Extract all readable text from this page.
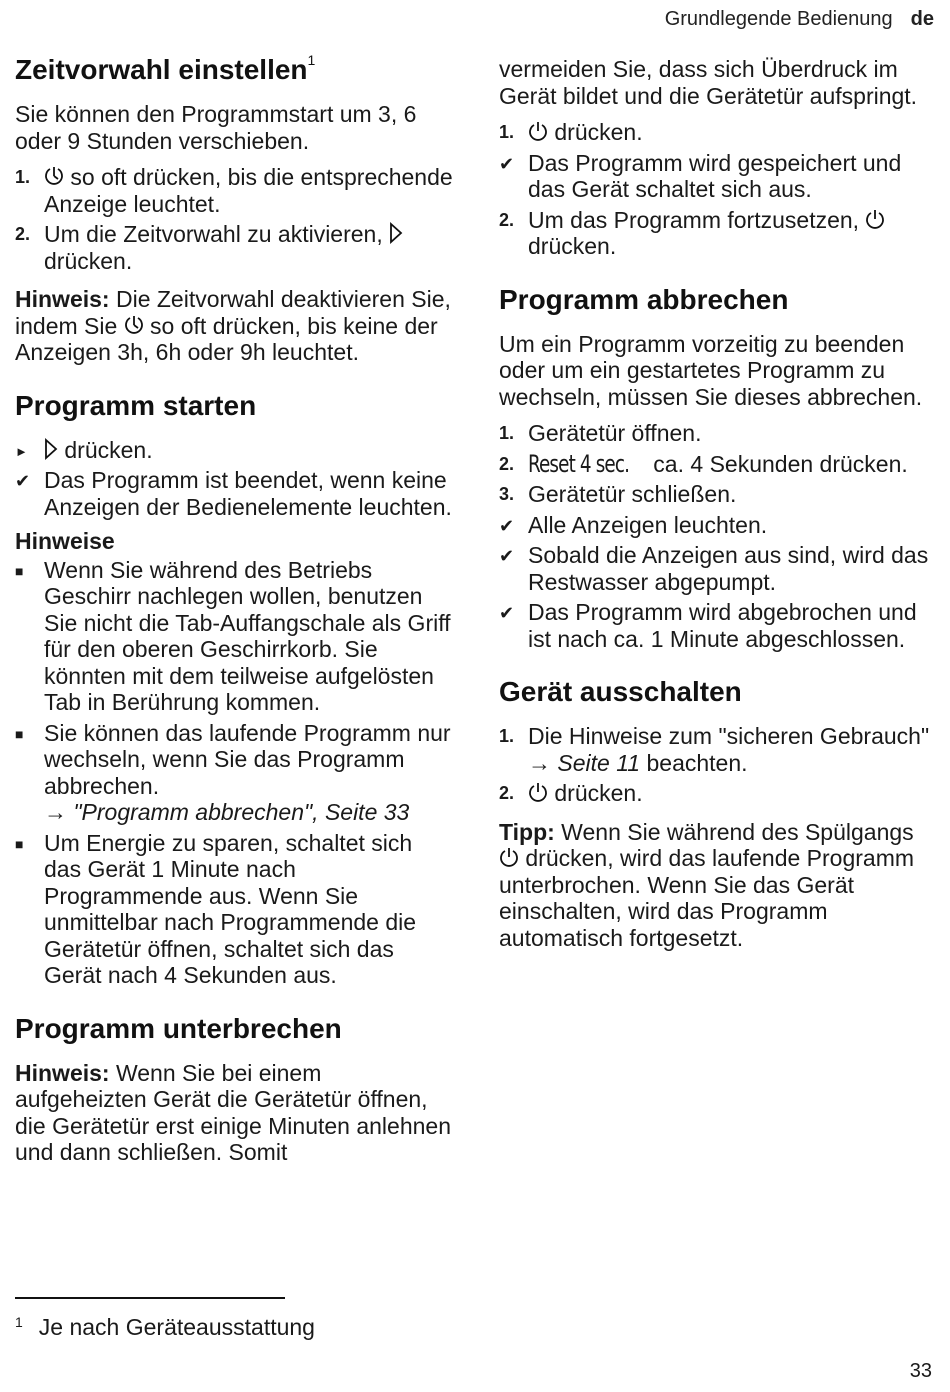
Grundlegende Bedienung de
Zeitvorwahl einstellen$^1$

Sie können den Programmstart um 3, 6 oder 9 Stunden verschieben.

1.	so oft drücken, bis die entsprechende Anzeige leuchtet.
2. Um die Zeitvorwahl zu aktivieren,  drücken.

Hinweis: Die Zeitvorwahl deaktivieren Sie, indem Sie  so oft drücken, bis keine der Anzeigen 3h, 6h oder 9h leuchtet.

Programm starten
►	drücken.
✔ Das Programm ist beendet, wenn keine Anzeigen der Bedienelemente leuchten.
Hinweise
■ Wenn Sie während des Betriebs Geschirr nachlegen wollen, benutzen Sie nicht die Tab-Auffangschale als Griff für den oberen Geschirrkorb. Sie könnten mit dem teilweise aufgelösten Tab in Berührung kommen.
■ Sie können das laufende Programm nur wechseln, wenn Sie das Programm abbrechen.
→ "Programm abbrechen", Seite 33
■ Um Energie zu sparen, schaltet sich das Gerät 1 Minute nach Programmende aus. Wenn Sie unmittelbar nach Programmende die Gerätetür öffnen, schaltet sich das Gerät nach 4 Sekunden aus.
Programm unterbrechen

Hinweis: Wenn Sie bei einem aufgeheizten Gerät die Gerätetür öffnen, die Gerätetür erst einige Minuten anlehnen und dann schließen. Somit

vermeiden Sie, dass sich Überdruck im Gerät bildet und die Gerätetür aufspringt.

1.	drücken.
✔ Das Programm wird gespeichert und das Gerät schaltet sich aus.
2. Um das Programm fortzusetzen,
drücken.
Programm abbrechen

Um ein Programm vorzeitig zu beenden oder um ein gestartetes Programm zu wechseln, müssen Sie dieses abbrechen.

1. Gerätetür öffnen.
2. Reset 4 sec. ca. 4 Sekunden drücken.
3. Gerätetür schließen.
✔ Alle Anzeigen leuchten.
✔ Sobald die Anzeigen aus sind, wird das Restwasser abgepumpt.
✔ Das Programm wird abgebrochen und ist nach ca. 1 Minute abgeschlossen.
Gerät ausschalten
1. Die Hinweise zum "sicheren Gebrauch" → Seite 11 beachten.
2.	drücken.

Tipp: Wenn Sie während des Spülgangs  drücken, wird das laufende Programm unterbrochen. Wenn Sie das Gerät einschalten, wird das Programm automatisch fortgesetzt.

$^1$ Je nach Geräteausstattung
33
